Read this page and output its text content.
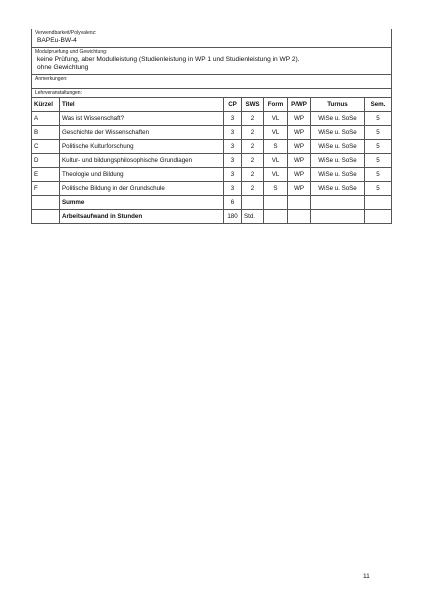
Verwendbarkeit/Polyvalenz:
BAPEu-BW-4
Modulpruefung und Gewichtung:
keine Prüfung, aber Modulleistung (Studienleistung in WP 1 und Studienleistung in WP 2).
ohne Gewichtung
Anmerkungen:
Lehrveranstaltungen:
Kürzel	Titel	CP	SWS	Form	P/WP	Turnus	Sem.
A	Was ist Wissenschaft?	3	2	VL	WP	WiSe u. SoSe	5
B	Geschichte der Wissenschaften	3	2	VL	WP	WiSe u. SoSe	5
C	Politische Kulturforschung	3	2	S	WP	WiSe u. SoSe	5
D	Kultur- und bildungsphilosophische Grundlagen	3	2	VL	WP	WiSe u. SoSe	5
E	Theologie und Bildung	3	2	VL	WP	WiSe u. SoSe	5
F	Politische Bildung in der Grundschule	3	2	S	WP	WiSe u. SoSe	5
	Summe	6					
	Arbeitsaufwand in Stunden	180	Std.				
11
